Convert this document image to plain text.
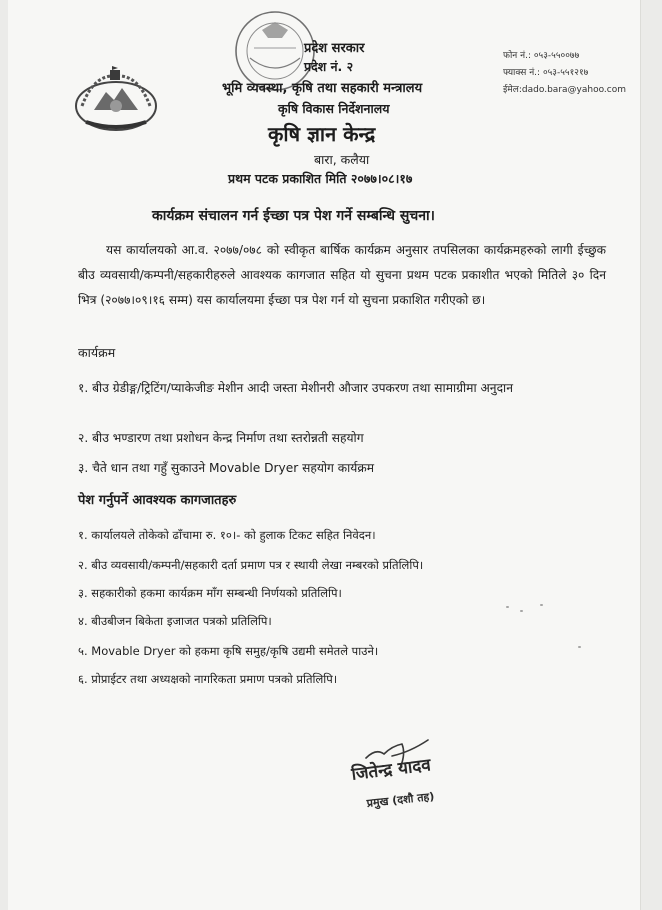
प्रदेश सरकार
प्रदेश नं. २
भूमि व्यवस्था, कृषि तथा सहकारी मन्त्रालय
कृषि विकास निर्देशनालय
कृषि ज्ञान केन्द्र
बारा, कलैया
प्रथम पटक प्रकाशित मिति २०७७।०८।१७
फोन नं.: ०५३-५५००७७
फ्याक्स नं.: ०५३-५५१२१७
ईमेल:dado.bara@yahoo.com
कार्यक्रम संचालन गर्न ईच्छा पत्र पेश गर्ने सम्बन्धि सुचना।

यस कार्यालयको आ.व. २०७७/०७८ को स्वीकृत बार्षिक कार्यक्रम अनुसार तपसिलका कार्यक्रमहरुको लागी ईच्छुक बीउ व्यवसायी/कम्पनी/सहकारीहरुले आवश्यक कागजात सहित यो सुचना प्रथम पटक प्रकाशीत भएको मितिले ३० दिन भित्र (२०७७।०९।१६ सम्म) यस कार्यालयमा ईच्छा पत्र पेश गर्न यो सुचना प्रकाशित गरीएको छ।

कार्यक्रम
१. बीउ ग्रेडीङ्ग/ट्रिटिंग/प्याकेजीङ मेशीन आदी जस्ता मेशीनरी औजार उपकरण तथा सामाग्रीमा अनुदान
२. बीउ भण्डारण तथा प्रशोधन केन्द्र निर्माण तथा स्तरोन्नती सहयोग
३. चैते धान तथा गहुँ सुकाउने Movable Dryer सहयोग कार्यक्रम
पेश गर्नुपर्ने आवश्यक कागजातहरु
१. कार्यालयले तोकेको ढाँचामा रु. १०।- को हुलाक टिकट सहित निवेदन।
२. बीउ व्यवसायी/कम्पनी/सहकारी दर्ता प्रमाण पत्र र स्थायी लेखा नम्बरको प्रतिलिपि।
३. सहकारीको हकमा कार्यक्रम माँग सम्बन्धी निर्णयको प्रतिलिपि।
४. बीउबीजन बिकेता इजाजत पत्रको प्रतिलिपि।
५. Movable Dryer को हकमा कृषि समुह/कृषि उद्यमी समेतले पाउने।
६. प्रोप्राईटर तथा अध्यक्षको नागरिकता प्रमाण पत्रको प्रतिलिपि।
जितेन्द्र यादव
प्रमुख (दशौ तह)
